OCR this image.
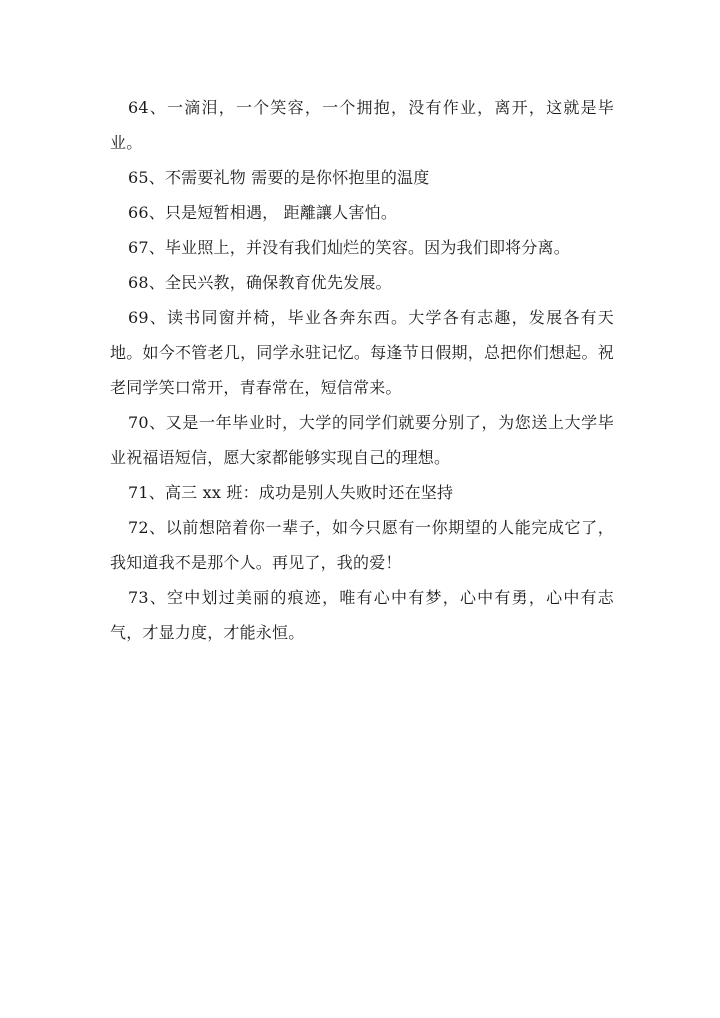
64、一滴泪，一个笑容，一个拥抱，没有作业，离开，这就是毕业。

65、不需要礼物 需要的是你怀抱里的温度

66、只是短暂相遇， 距離讓人害怕。

67、毕业照上，并没有我们灿烂的笑容。因为我们即将分离。

68、全民兴教，确保教育优先发展。

69、读书同窗并椅，毕业各奔东西。大学各有志趣，发展各有天地。如今不管老几，同学永驻记忆。每逢节日假期，总把你们想起。祝老同学笑口常开，青春常在，短信常来。

70、又是一年毕业时，大学的同学们就要分别了，为您送上大学毕业祝福语短信，愿大家都能够实现自己的理想。

71、高三 xx 班：成功是别人失败时还在坚持

72、以前想陪着你一辈子，如今只愿有一你期望的人能完成它了，我知道我不是那个人。再见了，我的爱！

73、空中划过美丽的痕迹，唯有心中有梦，心中有勇，心中有志气，才显力度，才能永恒。
